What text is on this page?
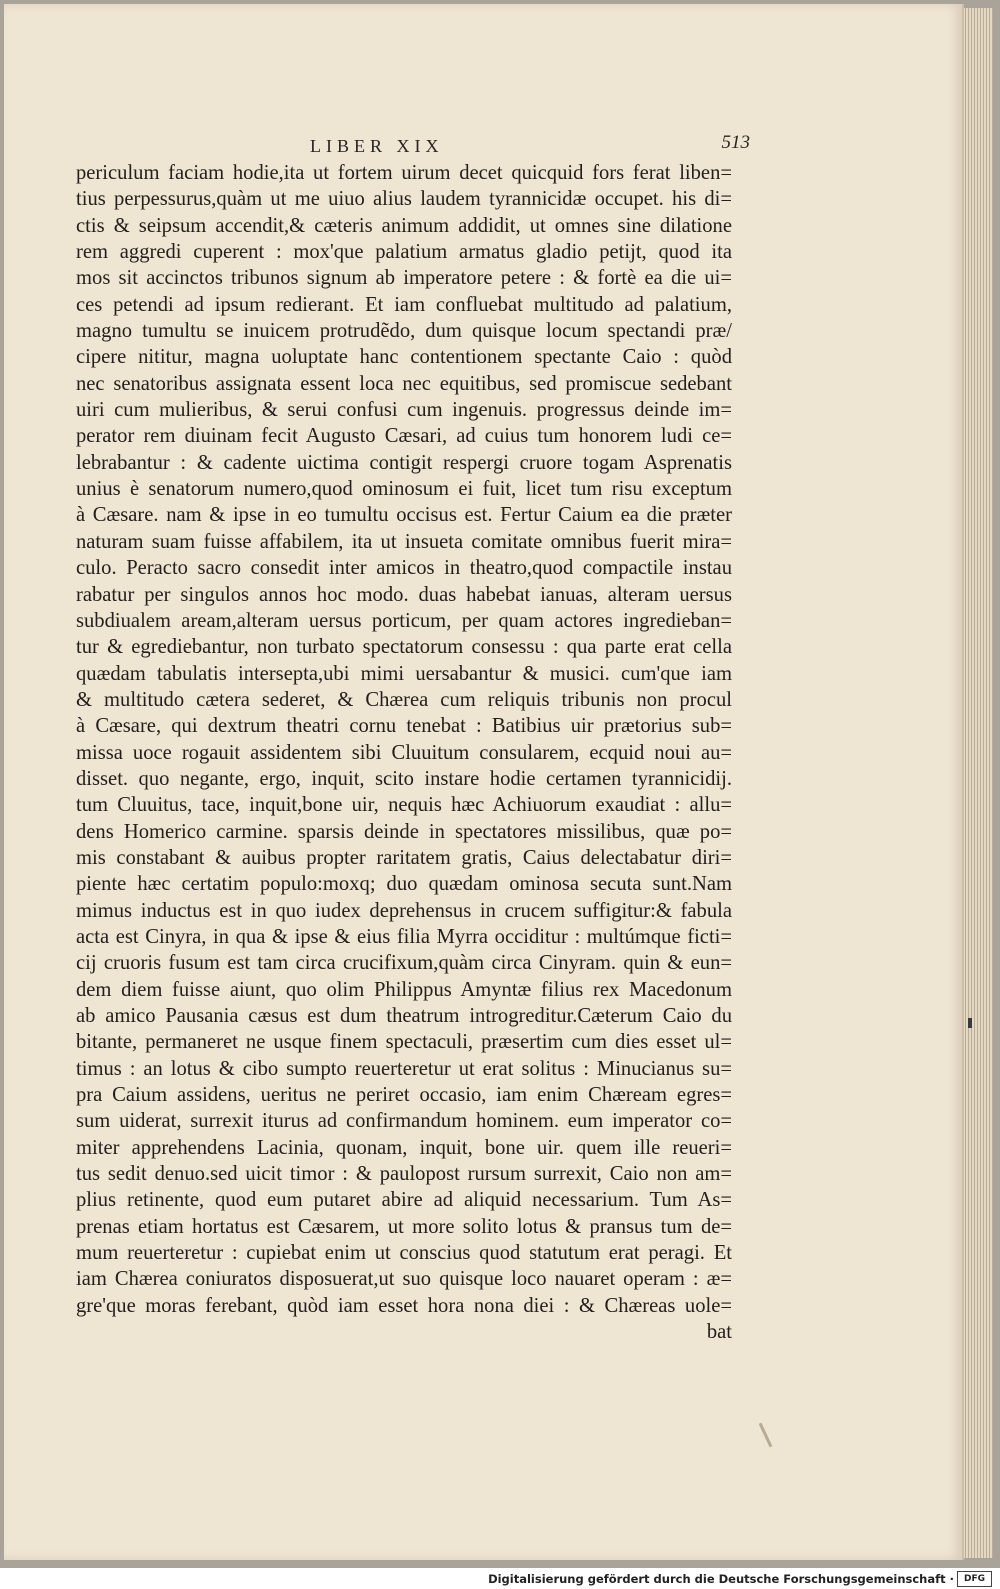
LIBER XIX	513
periculum faciam hodie,ita ut fortem uirum decet quicquid fors ferat liben=
tius perpessurus,quàm ut me uiuo alius laudem tyrannicidæ occupet. his di=
ctis & seipsum accendit,& cæteris animum addidit, ut omnes sine dilatione
rem aggredi cuperent : mox'que palatium armatus gladio petijt, quod ita
mos sit accinctos tribunos signum ab imperatore petere : & fortè ea die ui=
ces petendi ad ipsum redierant. Et iam confluebat multitudo ad palatium,
magno tumultu se inuicem protrudẽdo, dum quisque locum spectandi præ/
cipere nititur, magna uoluptate hanc contentionem spectante Caio : quòd
nec senatoribus assignata essent loca nec equitibus, sed promiscue sedebant
uiri cum mulieribus, & serui confusi cum ingenuis. progressus deinde im=
perator rem diuinam fecit Augusto Cæsari, ad cuius tum honorem ludi ce=
lebrabantur : & cadente uictima contigit respergi cruore togam Asprenatis
unius è senatorum numero,quod ominosum ei fuit, licet tum risu exceptum
à Cæsare. nam & ipse in eo tumultu occisus est. Fertur Caium ea die præter
naturam suam fuisse affabilem, ita ut insueta comitate omnibus fuerit mira=
culo. Peracto sacro consedit inter amicos in theatro,quod compactile instau
rabatur per singulos annos hoc modo. duas habebat ianuas, alteram uersus
subdiualem aream,alteram uersus porticum, per quam actores ingredieban=
tur & egrediebantur, non turbato spectatorum consessu : qua parte erat cella
quædam tabulatis intersepta,ubi mimi uersabantur & musici. cum'que iam
& multitudo cætera sederet, & Chærea cum reliquis tribunis non procul
à Cæsare, qui dextrum theatri cornu tenebat : Batibius uir prætorius sub=
missa uoce rogauit assidentem sibi Cluuitum consularem, ecquid noui au=
disset. quo negante, ergo, inquit, scito instare hodie certamen tyrannicidij.
tum Cluuitus, tace, inquit,bone uir, nequis hæc Achiuorum exaudiat : allu=
dens Homerico carmine. sparsis deinde in spectatores missilibus, quæ po=
mis constabant & auibus propter raritatem gratis, Caius delectabatur diri=
piente hæc certatim populo:moxq; duo quædam ominosa secuta sunt.Nam
mimus inductus est in quo iudex deprehensus in crucem suffigitur:& fabula
acta est Cinyra, in qua & ipse & eius filia Myrra occiditur : multúmque ficti=
cij cruoris fusum est tam circa crucifixum,quàm circa Cinyram. quin & eun=
dem diem fuisse aiunt, quo olim Philippus Amyntæ filius rex Macedonum
ab amico Pausania cæsus est dum theatrum introgreditur.Cæterum Caio du
bitante, permaneret ne usque finem spectaculi, præsertim cum dies esset ul=
timus : an lotus & cibo sumpto reuerteretur ut erat solitus : Minucianus su=
pra Caium assidens, ueritus ne periret occasio, iam enim Chæream egres=
sum uiderat, surrexit iturus ad confirmandum hominem. eum imperator co=
miter apprehendens Lacinia, quonam, inquit, bone uir. quem ille reueri=
tus sedit denuo.sed uicit timor : & paulopost rursum surrexit, Caio non am=
plius retinente, quod eum putaret abire ad aliquid necessarium. Tum As=
prenas etiam hortatus est Cæsarem, ut more solito lotus & pransus tum de=
mum reuerteretur : cupiebat enim ut conscius quod statutum erat peragi. Et
iam Chærea coniuratos disposuerat,ut suo quisque loco nauaret operam : æ=
gre'que moras ferebant, quòd iam esset hora nona diei : & Chæreas uole=
bat
Digitalisierung gefördert durch die Deutsche Forschungsgemeinschaft ·	DFG
